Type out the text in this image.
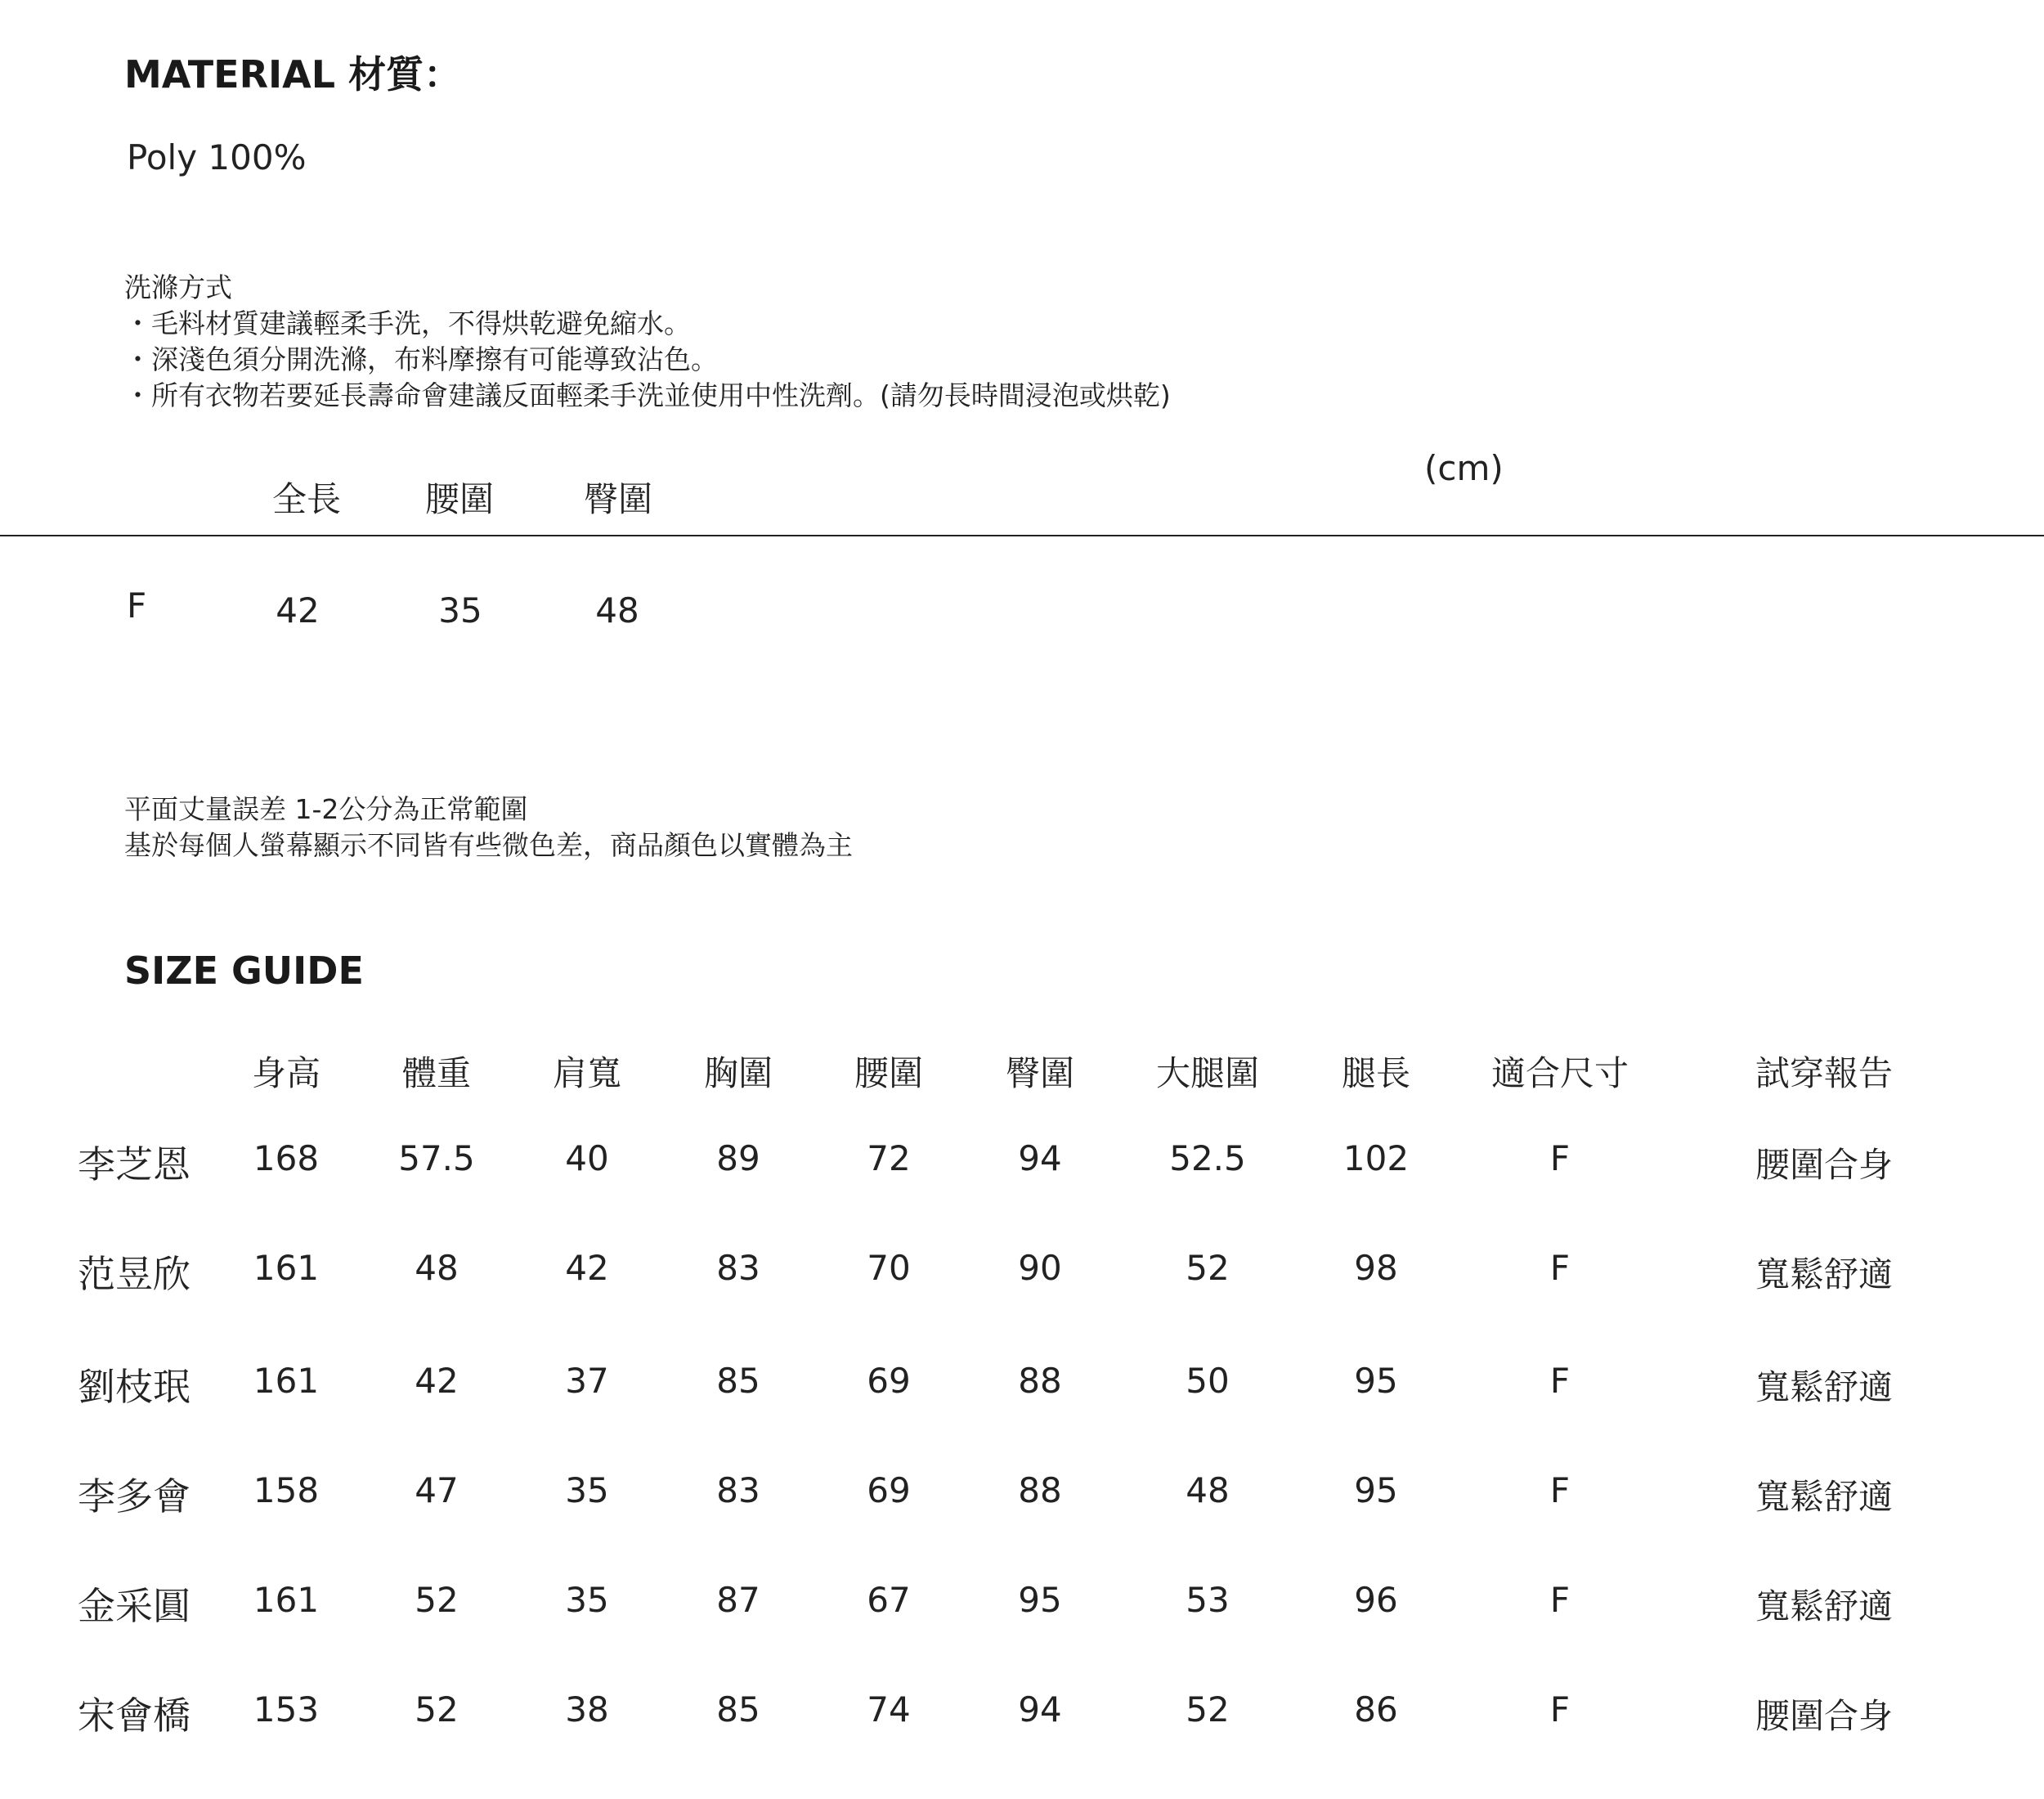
MATERIAL 材質：
Poly 100%
洗滌方式
・毛料材質建議輕柔手洗，不得烘乾避免縮水。
・深淺色須分開洗滌，布料摩擦有可能導致沾色。
・所有衣物若要延長壽命會建議反面輕柔手洗並使用中性洗劑。(請勿長時間浸泡或烘乾)
(cm)
全長 腰圍	臀圍
F	42	35	48
平面丈量誤差 1-2公分為正常範圍
基於每個人螢幕顯示不同皆有些微色差，商品顏色以實體為主
SIZE GUIDE
身高 體重 肩寬 胸圍 腰圍 臀圍 大腿圍 腿長 適合尺寸	試穿報告
李芝恩 168 57.5	40	89	72	94	52.5	102	F	腰圍合身
范昱欣 161	48	42	83	70	90	52	98	F	寬鬆舒適
劉枝珉 161	42	37	85	69	88	50	95	F	寬鬆舒適
李多會 158	47	35	83	69	88	48	95	F	寬鬆舒適
金采圓 161	52	35	87	67	95	53	96	F	寬鬆舒適
宋會橋 153	52	38	85	74	94	52	86	F	腰圍合身
